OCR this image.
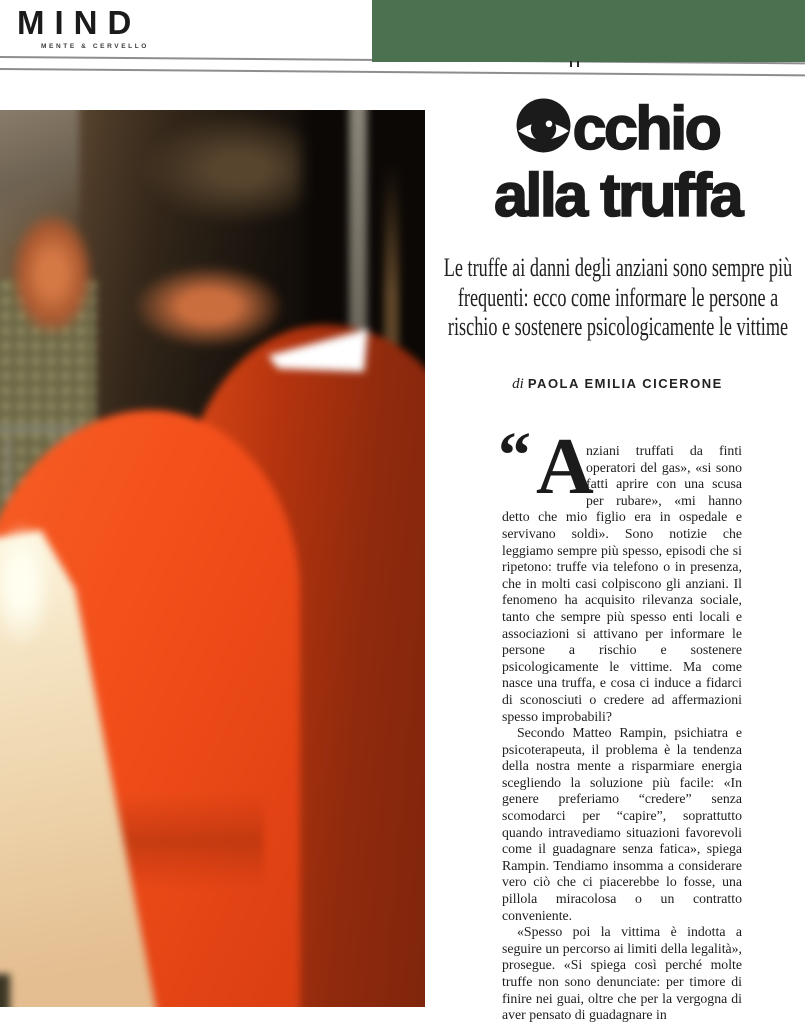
MIND
MENTE & CERVELLO
cchio
alla truffa

Le truffe ai danni degli anziani sono sempre più frequenti: ecco come informare le persone a rischio e sostenere psicologicamente le vittime

di PAOLA EMILIA CICERONE

“ A
nziani truffati da finti operatori del gas», «si sono fatti aprire con una scusa per rubare», «mi hanno detto che mio figlio era in ospedale e servivano soldi». Sono notizie che leggiamo sempre più spesso, episodi che si ripetono: truffe via telefono o in presenza, che in molti casi colpiscono gli anziani. Il fenomeno ha acquisito rilevanza sociale, tanto che sempre più spesso enti locali e associazioni si attivano per informare le persone a rischio e sostenere psicologicamente le vittime. Ma come nasce una truffa, e cosa ci induce a fidarci di sconosciuti o credere ad affermazioni spesso improbabili?

Secondo Matteo Rampin, psichiatra e psicoterapeuta, il problema è la tendenza della nostra mente a risparmiare energia scegliendo la soluzione più facile: «In genere preferiamo “credere” senza scomodarci per “capire”, soprattutto quando intravediamo situazioni favorevoli come il guadagnare senza fatica», spiega Rampin. Tendiamo insomma a considerare vero ciò che ci piacerebbe lo fosse, una pillola miracolosa o un contratto conveniente.

«Spesso poi la vittima è indotta a seguire un percorso ai limiti della legalità», prosegue. «Si spiega così perché molte truffe non sono denunciate: per timore di finire nei guai, oltre che per la vergogna di aver pensato di guadagnare in
